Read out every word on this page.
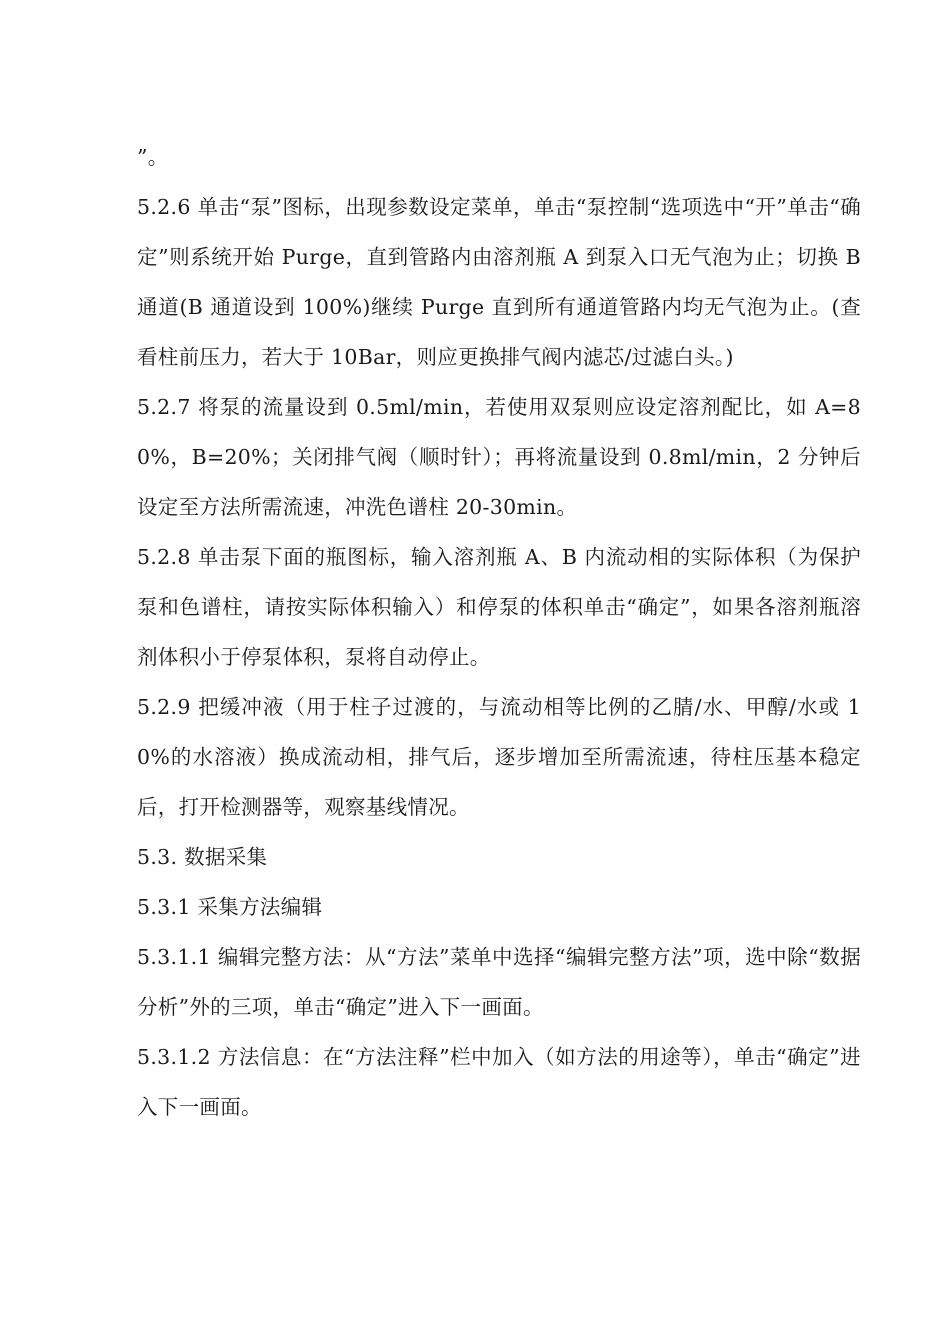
”。

5.2.6 单击“泵”图标，出现参数设定菜单，单击“泵控制“选项选中“开”单击“确定”则系统开始 Purge，直到管路内由溶剂瓶 A 到泵入口无气泡为止；切换 B 通道(B 通道设到 100%)继续 Purge 直到所有通道管路内均无气泡为止。(查看柱前压力，若大于 10Bar，则应更换排气阀内滤芯/过滤白头。)

5.2.7 将泵的流量设到 0.5ml/min，若使用双泵则应设定溶剂配比，如 A=80%，B=20%；关闭排气阀（顺时针）；再将流量设到 0.8ml/min，2 分钟后设定至方法所需流速，冲洗色谱柱 20-30min。

5.2.8 单击泵下面的瓶图标，输入溶剂瓶 A、B 内流动相的实际体积（为保护泵和色谱柱，请按实际体积输入）和停泵的体积单击“确定”，如果各溶剂瓶溶剂体积小于停泵体积，泵将自动停止。

5.2.9 把缓冲液（用于柱子过渡的，与流动相等比例的乙腈/水、甲醇/水或 10%的水溶液）换成流动相，排气后，逐步增加至所需流速，待柱压基本稳定后，打开检测器等，观察基线情况。

5.3. 数据采集

5.3.1 采集方法编辑

5.3.1.1 编辑完整方法：从“方法”菜单中选择“编辑完整方法”项，选中除“数据分析”外的三项，单击“确定”进入下一画面。

5.3.1.2 方法信息：在“方法注释”栏中加入（如方法的用途等），单击“确定”进入下一画面。
